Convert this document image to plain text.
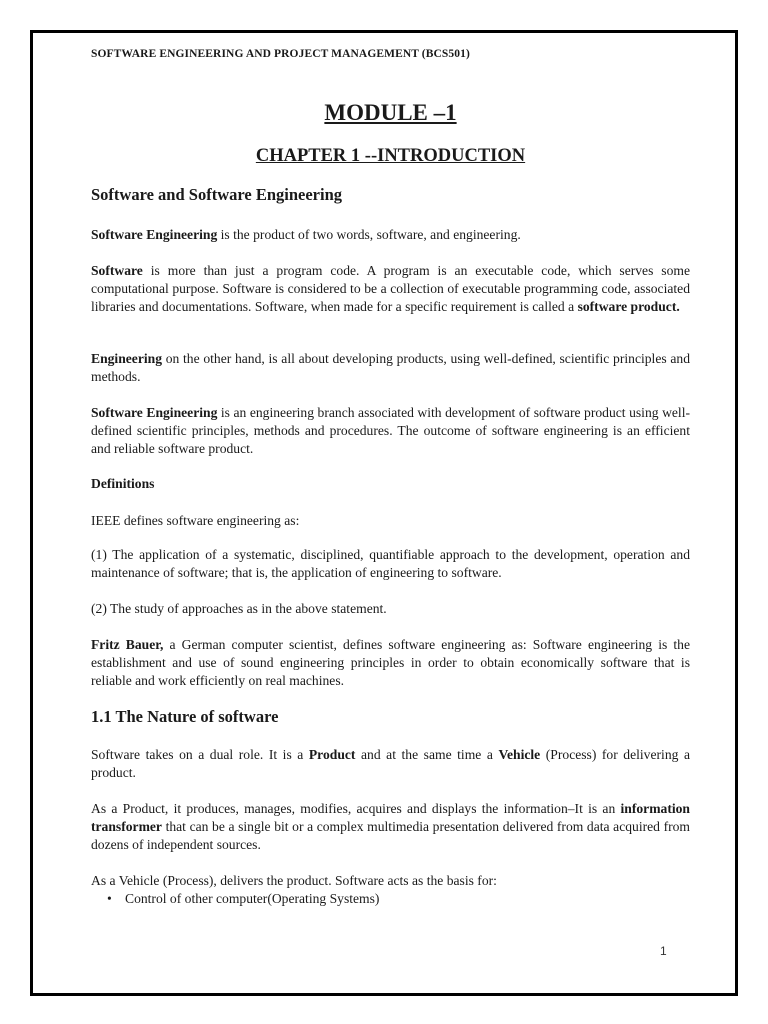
SOFTWARE ENGINEERING AND PROJECT MANAGEMENT (BCS501)

MODULE –1

CHAPTER 1 --INTRODUCTION

Software and Software Engineering

Software Engineering is the product of two words, software, and engineering.

Software is more than just a program code. A program is an executable code, which serves some computational purpose. Software is considered to be a collection of executable programming code, associated libraries and documentations. Software, when made for a specific requirement is called a software product.

Engineering on the other hand, is all about developing products, using well-defined, scientific principles and methods.

Software Engineering is an engineering branch associated with development of software product using well-defined scientific principles, methods and procedures. The outcome of software engineering is an efficient and reliable software product.

Definitions

IEEE defines software engineering as:

(1) The application of a systematic, disciplined, quantifiable approach to the development, operation and maintenance of software; that is, the application of engineering to software.

(2) The study of approaches as in the above statement.

Fritz Bauer, a German computer scientist, defines software engineering as: Software engineering is the establishment and use of sound engineering principles in order to obtain economically software that is reliable and work efficiently on real machines.

1.1 The Nature of software

Software takes on a dual role. It is a Product and at the same time a Vehicle (Process) for delivering a product.

As a Product, it produces, manages, modifies, acquires and displays the information–It is an information transformer that can be a single bit or a complex multimedia presentation delivered from data acquired from dozens of independent sources.

As a Vehicle (Process), delivers the product. Software acts as the basis for:

• Control of other computer(Operating Systems)
1
